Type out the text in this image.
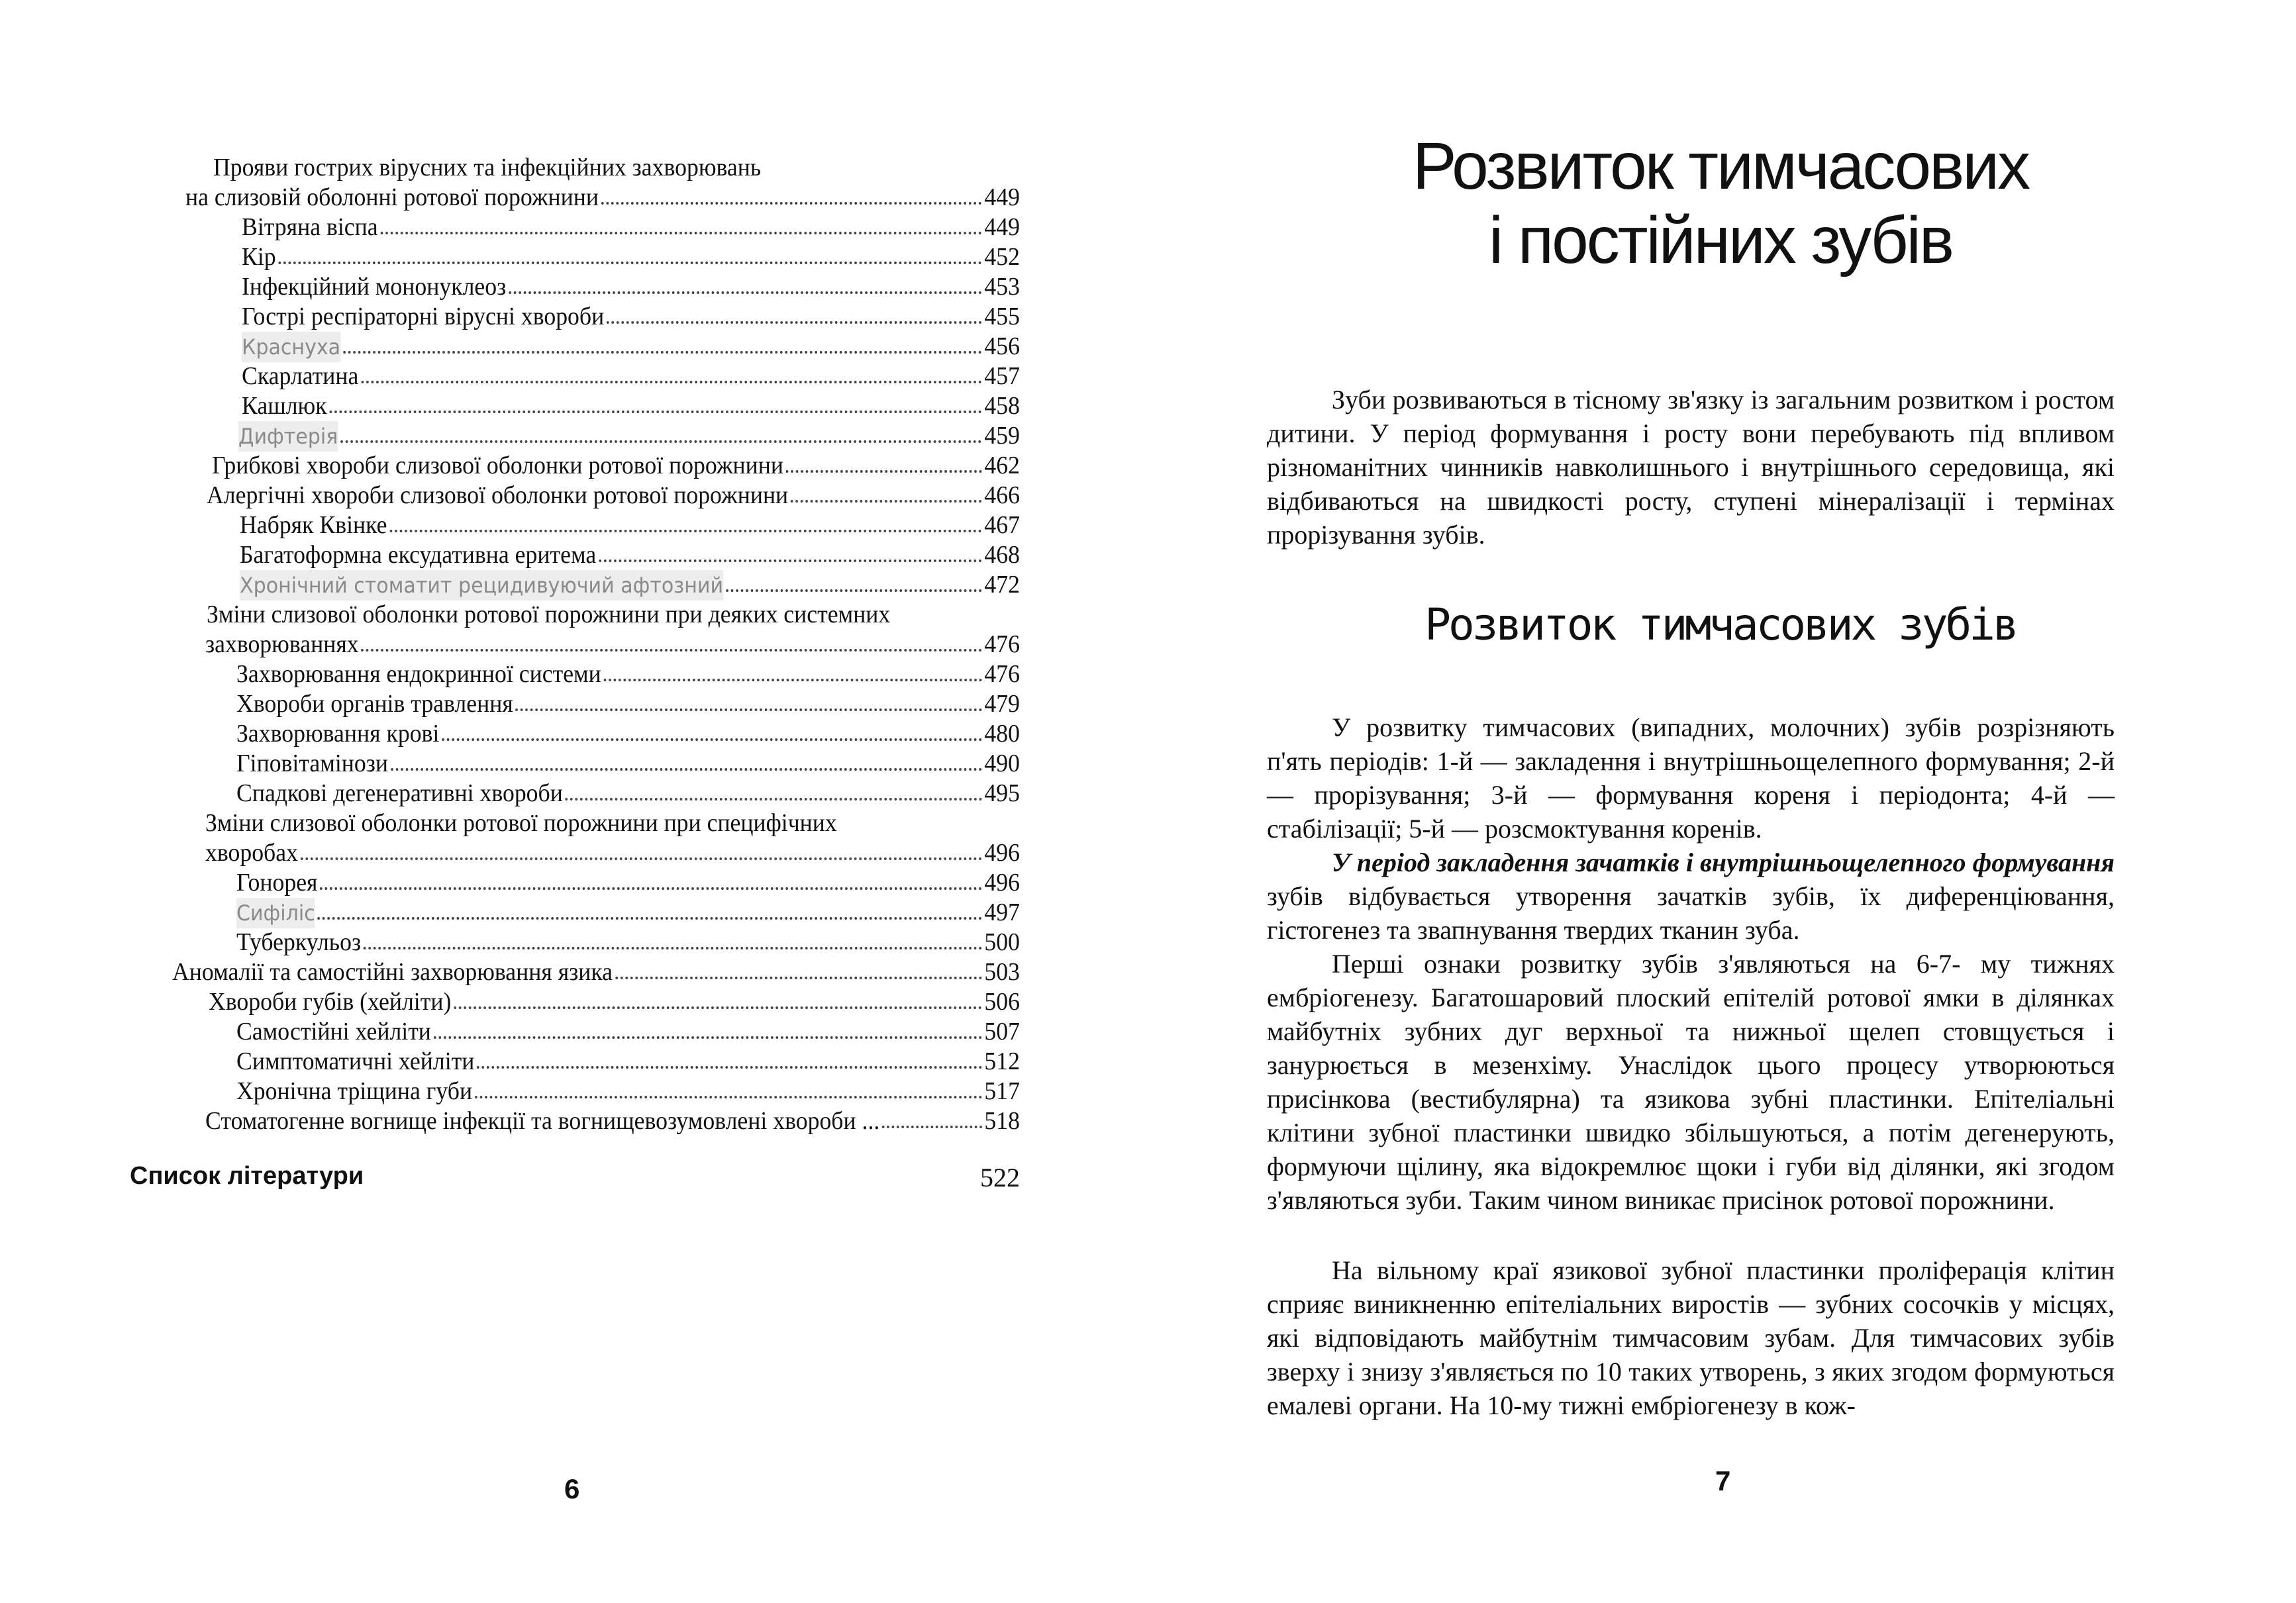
Прояви гострих вірусних та інфекційних захворювань
на слизовій оболонні ротової порожнини	449
Вітряна віспа	449
Кір	452
Інфекційний мононуклеоз	453
Гострі респіраторні вірусні хвороби	455
Краснуха	456
Скарлатина	457
Кашлюк	458
Дифтерія	459
Грибкові хвороби слизової оболонки ротової порожнини	462
Алергічні хвороби слизової оболонки ротової порожнини	466
Набряк Квінке	467
Багатоформна ексудативна еритема	468
Хронічний стоматит рецидивуючий афтозний	472
Зміни слизової оболонки ротової порожнини при деяких системних
захворюваннях	476
Захворювання ендокринної системи	476
Хвороби органів травлення	479
Захворювання крові	480
Гіповітамінози	490
Спадкові дегенеративні хвороби	495
Зміни слизової оболонки ротової порожнини при специфічних
хворобах	496
Гонорея	496
Сифіліс	497
Туберкульоз	500
Аномалії та самостійні захворювання язика	503
Хвороби губів (хейліти)	506
Самостійні хейліти	507
Симптоматичні хейліти	512
Хронічна тріщина губи	517
Стоматогенне вогнище інфекції та вогнищевозумовлені хвороби ...	518
Список літератури	522
6
Розвиток тимчасових
і постійних зубів
Зуби розвиваються в тісному зв'язку із загальним розвитком і ростом дитини. У період формування і росту вони перебувають під впливом різноманітних чинників навколишнього і внутрішнього середовища, які відбиваються на швидкості росту, ступені мінералізації і термінах прорізування зубів.
Розвиток тимчасових зубів
У розвитку тимчасових (випадних, молочних) зубів розрізняють п'ять періодів: 1-й — закладення і внутрішньощелепного формування; 2-й — прорізування; 3-й — формування кореня і періодонта; 4-й — стабілізації; 5-й — розсмоктування коренів.
У період закладення зачатків і внутрішньощелепного формування зубів відбувається утворення зачатків зубів, їх диференціювання, гістогенез та звапнування твердих тканин зуба.
Перші ознаки розвитку зубів з'являються на 6-7- му тижнях ембріогенезу. Багатошаровий плоский епітелій ротової ямки в ділянках майбутніх зубних дуг верхньої та нижньої щелеп стовщується і занурюється в мезенхіму. Унаслідок цього процесу утворюються присінкова (вестибулярна) та язикова зубні пластинки. Епітеліальні клітини зубної пластинки швидко збільшуються, а потім дегенерують, формуючи щілину, яка відокремлює щоки і губи від ділянки, які згодом з'являються зуби. Таким чином виникає присінок ротової порожнини.
На вільному краї язикової зубної пластинки проліферація клітин сприяє виникненню епітеліальних виростів — зубних сосочків у місцях, які відповідають майбутнім тимчасовим зубам. Для тимчасових зубів зверху і знизу з'являється по 10 таких утворень, з яких згодом формуються емалеві органи. На 10-му тижні ембріогенезу в кож-
7
